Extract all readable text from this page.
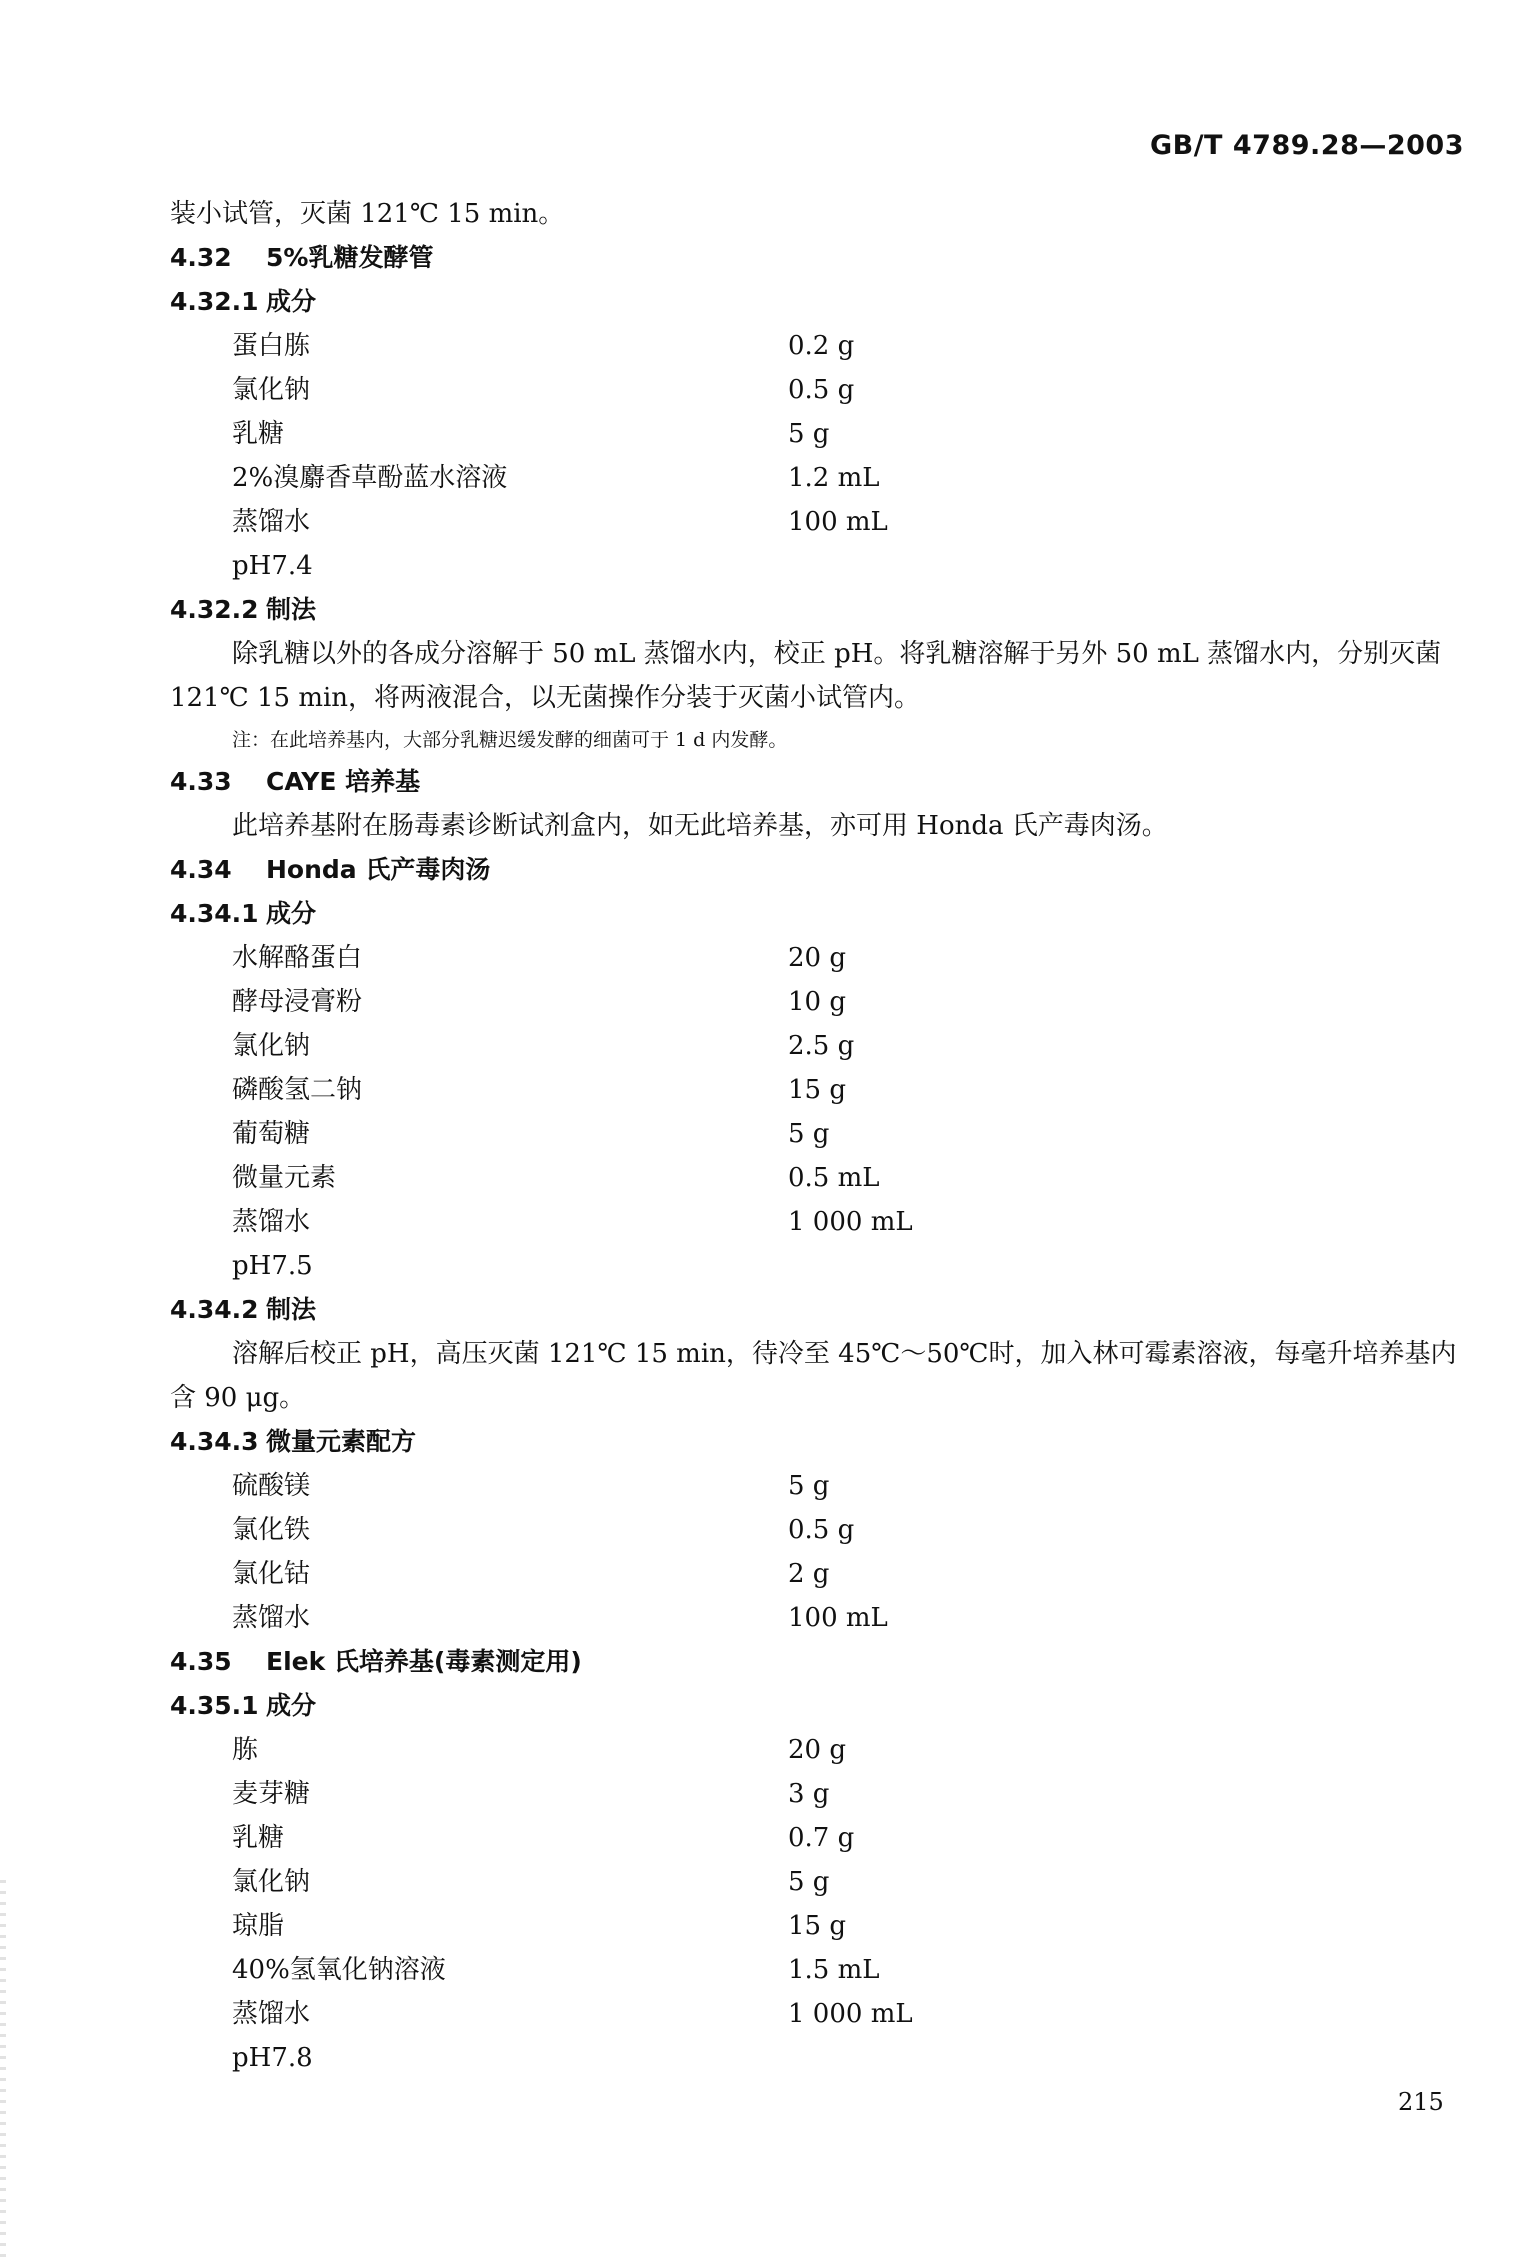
GB/T 4789.28—2003
装小试管，灭菌 121℃ 15 min。
4.32 5%乳糖发酵管
4.32.1 成分
蛋白胨	0.2 g
氯化钠	0.5 g
乳糖	5 g
2%溴麝香草酚蓝水溶液	1.2 mL
蒸馏水	100 mL
pH7.4
4.32.2 制法
除乳糖以外的各成分溶解于 50 mL 蒸馏水内，校正 pH。将乳糖溶解于另外 50 mL 蒸馏水内，分别灭菌 121℃ 15 min，将两液混合，以无菌操作分装于灭菌小试管内。
注：在此培养基内，大部分乳糖迟缓发酵的细菌可于 1 d 内发酵。
4.33 CAYE 培养基
此培养基附在肠毒素诊断试剂盒内，如无此培养基，亦可用 Honda 氏产毒肉汤。
4.34 Honda 氏产毒肉汤
4.34.1 成分
水解酪蛋白	20 g
酵母浸膏粉	10 g
氯化钠	2.5 g
磷酸氢二钠	15 g
葡萄糖	5 g
微量元素	0.5 mL
蒸馏水	1 000 mL
pH7.5
4.34.2 制法
溶解后校正 pH，高压灭菌 121℃ 15 min，待冷至 45℃～50℃时，加入林可霉素溶液，每毫升培养基内含 90 μg。
4.34.3 微量元素配方
硫酸镁	5 g
氯化铁	0.5 g
氯化钴	2 g
蒸馏水	100 mL
4.35 Elek 氏培养基(毒素测定用)
4.35.1 成分
胨	20 g
麦芽糖	3 g
乳糖	0.7 g
氯化钠	5 g
琼脂	15 g
40%氢氧化钠溶液	1.5 mL
蒸馏水	1 000 mL
pH7.8
215
